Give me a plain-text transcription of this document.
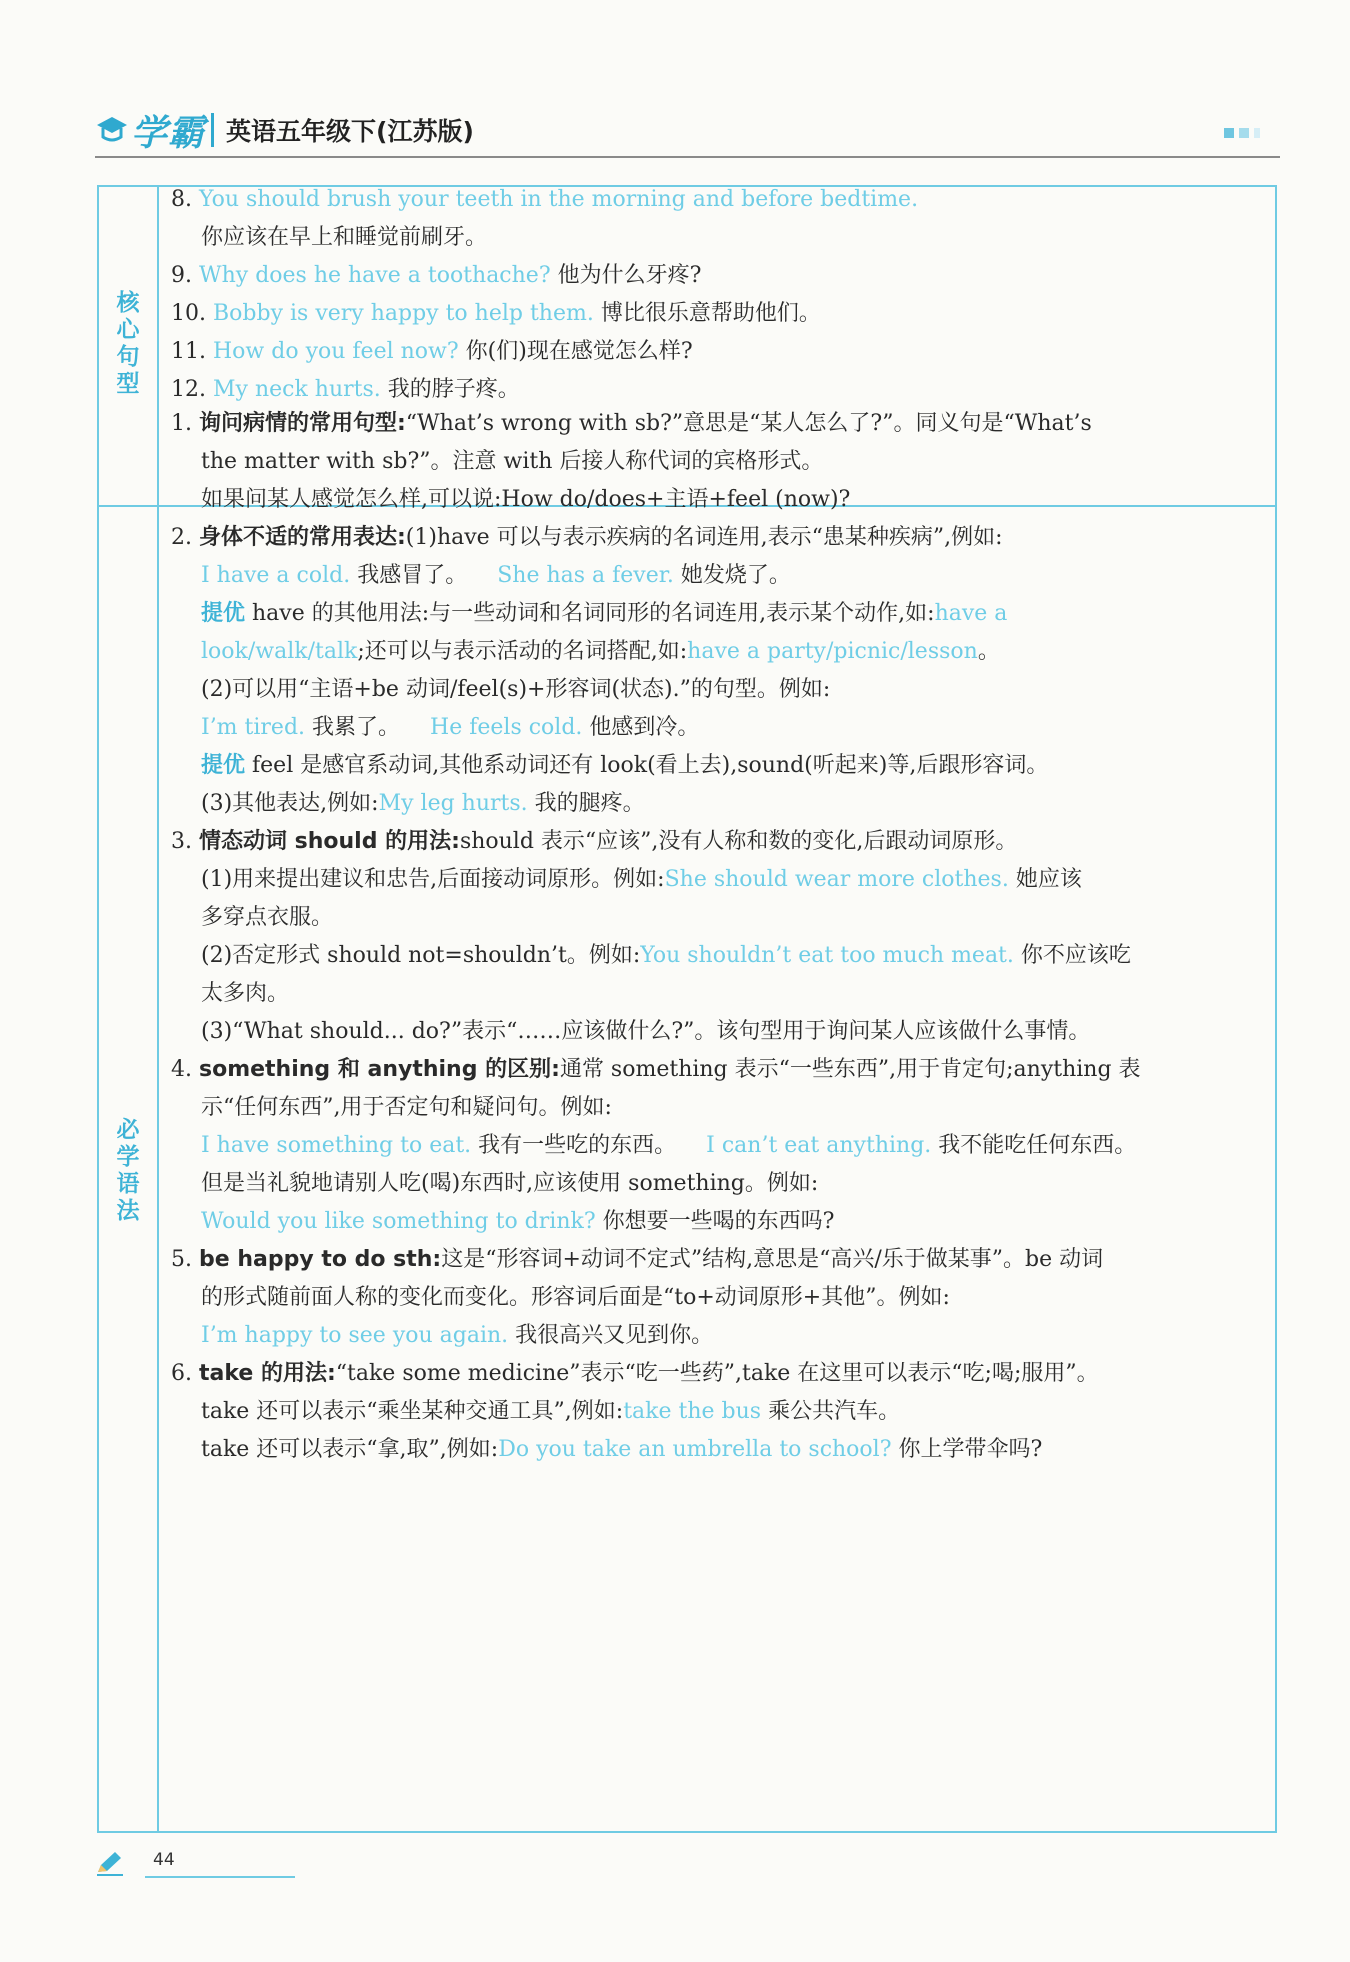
学霸 英语五年级下(江苏版)
核
心
句
型
必
学
语
法
8. You should brush your teeth in the morning and before bedtime.
你应该在早上和睡觉前刷牙。
9. Why does he have a toothache? 他为什么牙疼?
10. Bobby is very happy to help them. 博比很乐意帮助他们。
11. How do you feel now? 你(们)现在感觉怎么样?
12. My neck hurts. 我的脖子疼。
1. 询问病情的常用句型:“What’s wrong with sb?”意思是“某人怎么了?”。同义句是“What’s
the matter with sb?”。注意 with 后接人称代词的宾格形式。
如果问某人感觉怎么样,可以说:How do/does+主语+feel (now)?
2. 身体不适的常用表达:(1)have 可以与表示疾病的名词连用,表示“患某种疾病”,例如:
I have a cold. 我感冒了。 She has a fever. 她发烧了。
提优 have 的其他用法:与一些动词和名词同形的名词连用,表示某个动作,如:have a
look/walk/talk;还可以与表示活动的名词搭配,如:have a party/picnic/lesson。
(2)可以用“主语+be 动词/feel(s)+形容词(状态).”的句型。例如:
I’m tired. 我累了。 He feels cold. 他感到冷。
提优 feel 是感官系动词,其他系动词还有 look(看上去),sound(听起来)等,后跟形容词。
(3)其他表达,例如:My leg hurts. 我的腿疼。
3. 情态动词 should 的用法:should 表示“应该”,没有人称和数的变化,后跟动词原形。
(1)用来提出建议和忠告,后面接动词原形。例如:She should wear more clothes. 她应该
多穿点衣服。
(2)否定形式 should not=shouldn’t。例如:You shouldn’t eat too much meat. 你不应该吃
太多肉。
(3)“What should... do?”表示“……应该做什么?”。该句型用于询问某人应该做什么事情。
4. something 和 anything 的区别:通常 something 表示“一些东西”,用于肯定句;anything 表
示“任何东西”,用于否定句和疑问句。例如:
I have something to eat. 我有一些吃的东西。 I can’t eat anything. 我不能吃任何东西。
但是当礼貌地请别人吃(喝)东西时,应该使用 something。例如:
Would you like something to drink? 你想要一些喝的东西吗?
5. be happy to do sth:这是“形容词+动词不定式”结构,意思是“高兴/乐于做某事”。be 动词
的形式随前面人称的变化而变化。形容词后面是“to+动词原形+其他”。例如:
I’m happy to see you again. 我很高兴又见到你。
6. take 的用法:“take some medicine”表示“吃一些药”,take 在这里可以表示“吃;喝;服用”。
take 还可以表示“乘坐某种交通工具”,例如:take the bus 乘公共汽车。
take 还可以表示“拿,取”,例如:Do you take an umbrella to school? 你上学带伞吗?
44
